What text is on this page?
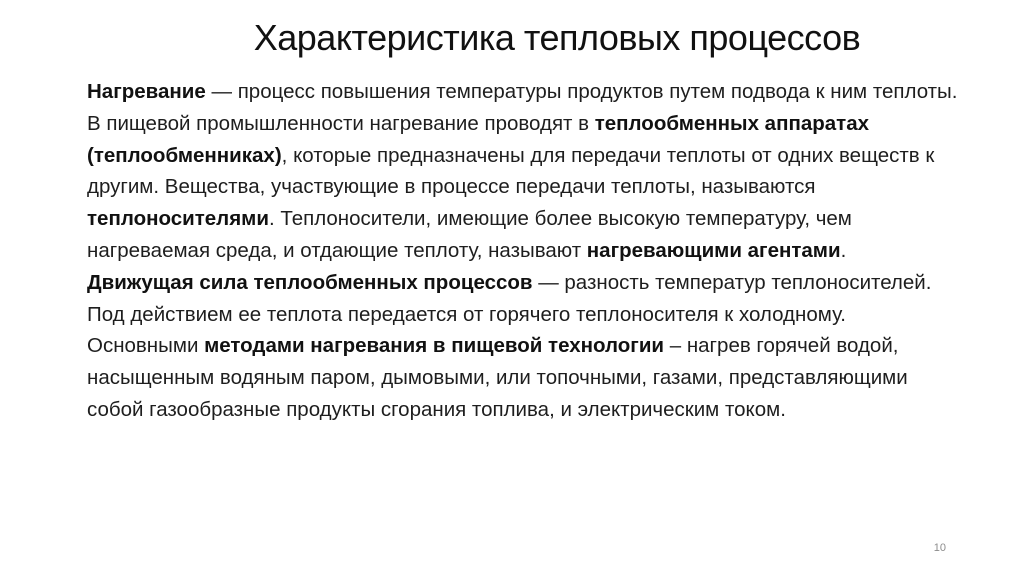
Характеристика тепловых процессов

Нагревание — процесс повышения температуры продуктов путем подвода к ним теплоты. В пищевой промышленности нагревание проводят в теплообменных аппаратах (теплообменниках), которые предназначены для передачи теплоты от одних веществ к другим. Вещества, участвующие в процессе передачи теплоты, называются теплоносителями. Теплоносители, имеющие более высокую температуру, чем нагреваемая среда, и отдающие теплоту, называют нагревающими агентами.

Движущая сила теплообменных процессов — разность температур теплоносителей. Под действием ее теплота передается от горячего теплоносителя к холодному.

Основными методами нагревания в пищевой технологии – нагрев горячей водой, насыщенным водяным паром, дымовыми, или топочными, газами, представляющими собой газообразные продукты сгорания топлива, и электрическим током.

10
